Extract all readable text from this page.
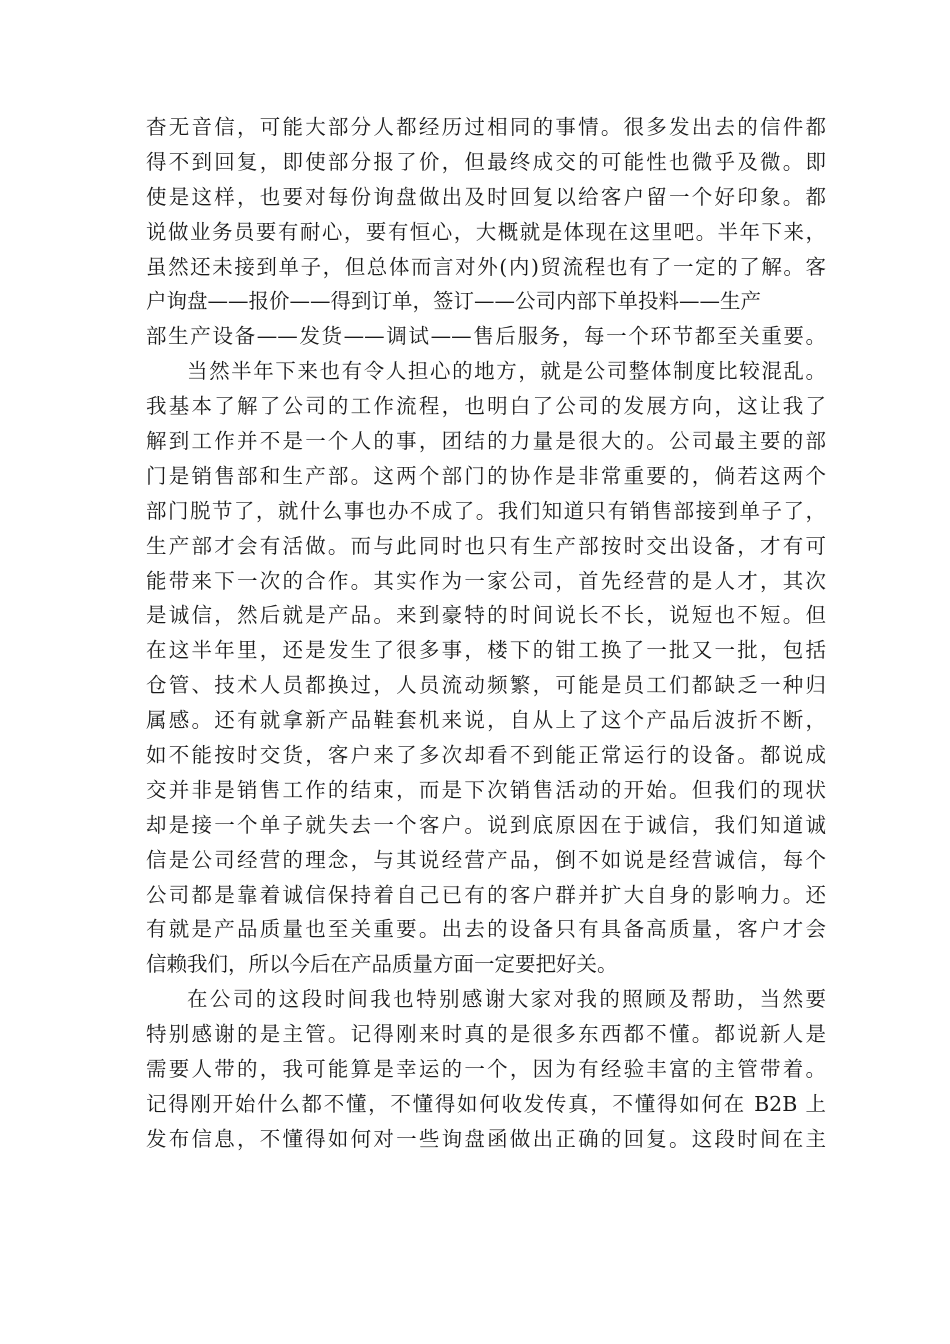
杳无音信，可能大部分人都经历过相同的事情。很多发出去的信件都
得不到回复，即使部分报了价，但最终成交的可能性也微乎及微。即
使是这样，也要对每份询盘做出及时回复以给客户留一个好印象。都
说做业务员要有耐心，要有恒心，大概就是体现在这里吧。半年下来，
虽然还未接到单子，但总体而言对外(内)贸流程也有了一定的了解。客
户询盘——报价——得到订单，签订——公司内部下单投料——生产
部生产设备——发货——调试——售后服务，每一个环节都至关重要。
当然半年下来也有令人担心的地方，就是公司整体制度比较混乱。
我基本了解了公司的工作流程，也明白了公司的发展方向，这让我了
解到工作并不是一个人的事，团结的力量是很大的。公司最主要的部
门是销售部和生产部。这两个部门的协作是非常重要的，倘若这两个
部门脱节了，就什么事也办不成了。我们知道只有销售部接到单子了，
生产部才会有活做。而与此同时也只有生产部按时交出设备，才有可
能带来下一次的合作。其实作为一家公司，首先经营的是人才，其次
是诚信，然后就是产品。来到豪特的时间说长不长，说短也不短。但
在这半年里，还是发生了很多事，楼下的钳工换了一批又一批，包括
仓管、技术人员都换过，人员流动频繁，可能是员工们都缺乏一种归
属感。还有就拿新产品鞋套机来说，自从上了这个产品后波折不断，
如不能按时交货，客户来了多次却看不到能正常运行的设备。都说成
交并非是销售工作的结束，而是下次销售活动的开始。但我们的现状
却是接一个单子就失去一个客户。说到底原因在于诚信，我们知道诚
信是公司经营的理念，与其说经营产品，倒不如说是经营诚信，每个
公司都是靠着诚信保持着自己已有的客户群并扩大自身的影响力。还
有就是产品质量也至关重要。出去的设备只有具备高质量，客户才会
信赖我们，所以今后在产品质量方面一定要把好关。
在公司的这段时间我也特别感谢大家对我的照顾及帮助，当然要
特别感谢的是主管。记得刚来时真的是很多东西都不懂。都说新人是
需要人带的，我可能算是幸运的一个，因为有经验丰富的主管带着。
记得刚开始什么都不懂，不懂得如何收发传真，不懂得如何在 B2B 上
发布信息，不懂得如何对一些询盘函做出正确的回复。这段时间在主
